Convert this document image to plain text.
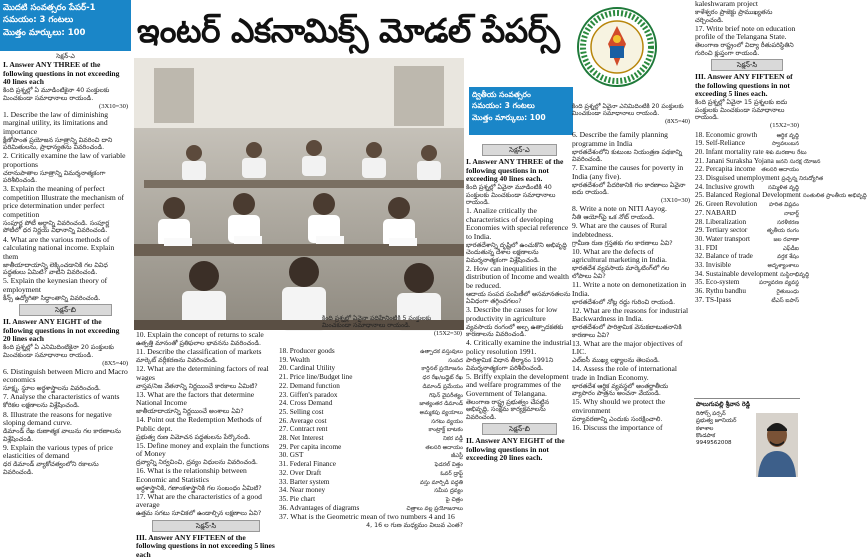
మొదటి సంవత్సరం పేపర్-1
సమయం: 3 గంటలు
మొత్తం మార్కులు: 100
సెక్షన్-ఎ

I. Answer ANY THREE of the following questions in not exceeding 40 lines each

కింది ప్రశ్నల్లో ఏ మూడింటికైనా 40 పంక్తులకు మించకుండా సమాధానాలు రాయండి.

(3X10=30)

1. Describe the law of diminishing marginal utility, its limitations and importance

క్షీణోపాంత ప్రయోజన సూత్రాన్ని వివరించి దాని పరిమితులను, ప్రాధాన్యతను వివరించండి.

2. Critically examine the law of variable proportions

చరానుపాతాల సూత్రాన్ని విమర్శనాత్మకంగా పరిశీలించండి.

3. Explain the meaning of perfect competition Illustrate the mechanism of price determination under perfect competition

సంపూర్ణ పోటీ అర్థాన్ని వివరించండి. సంపూర్ణ పోటీలో ధర నిర్ణయ విధానాన్ని వివరించండి.

4. What are the various methods of calculating national income. Explain them

జాతీయాదాయాన్ని లెక్కించడానికి గల వివిధ పద్ధతులు ఏమిటి? వాటిని వివరించండి.

5. Explain the keynesian theory of employment

కీన్స్ ఉద్యోగితా సిద్ధాంతాన్ని వివరించండి.

సెక్షన్-బి

II. Answer ANY EIGHT of the following questions in not exceeding 20 lines each

కింది ప్రశ్నల్లో ఏ ఎనిమిదింటికైనా 20 పంక్తులకు మించకుండా సమాధానాలు రాయండి.

(8X5=40)

6. Distinguish between Micro and Macro economics

సూక్ష్మ, స్థూల అర్థశాస్త్రాలను వివరించండి.

7. Analyse the characteristics of wants

కోరికల లక్షణాలను విశ్లేషించండి.

8. Illustrate the reasons for negative sloping demand curve.

డిమాండ్ రేఖ రుణాత్మక వాలును గల కారణాలను విశ్లేషించండి.

9. Explain the various types of price elasticities of demand

ధర డిమాండ్ వ్యాకోచత్వంలోని రకాలను వివరించండి.

ఇంటర్ ఎకనామిక్స్ మోడల్ పేపర్స్

10. Explain the concept of returns to scale

ఉత్పత్తి మానంతో ప్రతిఫలాల భావనను వివరించండి.

11. Describe the classification of markets

మార్కెట్ వర్గీకరణను వివరించండి.

12. What are the determining factors of real wages

వాస్తవ/నిజ వేతనాన్ని నిర్ణయించే కారకాలు ఏమిటి?

13. What are the factors that determine National Income

జాతీయాదాయాన్ని నిర్ణయించే అంశాలు ఏవి?

14. Point out the Redemption Methods of Public dept.

ప్రభుత్వ రుణ విమోచన పద్ధతులను పేర్కొనండి.

15. Define money and explain the functions of Money

ద్రవ్యాన్ని నిర్వచించి, ద్రవ్యం విధులను వివరించండి.

16. What is the relationship between Economic and Statistics

అర్థశాస్త్రానికి, గణాంకశాస్త్రానికి గల సంబంధం ఏమిటి?

17. What are the characteristics of a good average

ఉత్తమ సగటు సూచికలో ఉండాల్సిన లక్షణాలు ఏవి?

సెక్షన్-సి

III. Answer ANY FIFTEEN of the following questions in not exceeding 5 lines each

కింది ప్రశ్నల్లో ఏవైనా పదిహేనింటికి 5 పంక్తులకు మించకుండా సమాధానాలు రాయండి.

(15X2=30)

18. Producer goods	ఉత్పాదక వస్తువులు
19. Wealth	సంపద
20. Cardinal Utility	కార్డినల్ ప్రయోజనం
21. Price line/Budget line	ధర రేఖ/బడ్జెట్ రేఖ
22. Demand function	డిమాండ్ ప్రమేయం
23. Giffen's paradox	గిఫెన్ వైపరీత్యం
24. Cross Demand	జాత్యంతర డిమాండ్
25. Selling cost	అమ్మకపు వ్యయాలు
26. Average cost	సగటు వ్యయం
27. Contract rent	కాంట్రాక్ట్ బాటకం
28. Net Interest	నికర వడ్డీ
29. Per capita income	తలసరి ఆదాయం
30. GST	జీఎస్టీ
31. Federal Finance	ఫెడరల్ విత్తం
32. Over Draft	ఓవర్ డ్రాఫ్ట్
33. Barter system	వస్తు మార్పిడి పద్ధతి
34. Near money	సమీప ద్రవ్యం
35. Pie chart	పై చిత్రం
36. Advantages of diagrams	చిత్రాలు వల్ల ప్రయోజనాలు

37. What is the Geometric mean of two numbers 4 and 16

4, 16 ల గుణ మధ్యమం విలువ ఎంత?

ద్వితీయ సంవత్సరం
సమయం: 3 గంటలు
మొత్తం మార్కులు: 100
సెక్షన్-ఎ

I. Answer ANY THREE of the following questions in not exceeding 40 lines each.

కింది ప్రశ్నల్లో ఏవైనా మూడింటికి 40 పంక్తులకు మించకుండా సమాధానాలు రాయండి.

1. Analize critically the characteristics of developing Economies with special reference to India.

భారతదేశాన్ని దృష్టిలో ఉంచుకొని అభివృద్ధి చెందుతున్న దేశాల లక్షణాలను విమర్శనాత్మకంగా విశ్లేషించండి.

2. How can inequalities in the distribution of Income and wealth be reduced.

ఆదాయ సంపద పంపిణీలో అసమానతలను ఏవిధంగా తగ్గించగలం?

3. Describe the causes for low productivity in agriculture

వ్యవసాయ రంగంలో అల్ప ఉత్పాదకతకు కారణాలను వివరించండి.

4. Critically examine the industrial policy resolution 1991.

పారిశ్రామిక విధాన తీర్మానం 1991ని విమర్శనాత్మకంగా పరిశీలించండి.

5. Briffy explain the development and welfare programmes of the Government of Telangana.

తెలంగాణ రాష్ట్ర ప్రభుత్వం చేపట్టిన అభివృద్ధి, సంక్షేమ కార్యక్రమాలను వివరించండి.

సెక్షన్-బి

II. Answer ANY EIGHT of the following questions in not exceeding 20 lines each.

కింది ప్రశ్నల్లో ఏవైనా ఎనిమిదింటికి 20 పంక్తులకు మించకుండా సమాధానాలు రాయండి.

(8X5=40)

6. Describe the family planning programme in India

భారతదేశంలోని కుటుంబ నియంత్రణ పథకాన్ని వివరించండి.

7. Examine the causes for poverty in India (any five).

భారతదేశంలో పేదరికానికి గల కారణాలు ఏవైనా ఐదు రాయండి.

(3X10=30)

8. Write a note on NITI Aayog.

నీతి ఆయోగ్‌పై ఒక నోట్ రాయండి.

9. What are the causes of Rural indebtedness.

గ్రామీణ రుణ గ్రస్తతకు గల కారణాలు ఏవి?

10. What are the defects of agricultural marketing in India.

భారతదేశ వ్యవసాయ మార్కెటింగ్‌లో గల లోపాలు ఏవి?

11. Write a note on demonetization in India.

భారతదేశంలో నోట్ల రద్దు గురించి రాయండి.

12. What are the reasons for industrial Backwardness in India.

భారతదేశంలో పారిశ్రామిక వెనుకబాటుతనానికి కారణాలు ఏవి?

13. What are the major objectives of LIC.

ఎల్ఐసీ ముఖ్య లక్ష్యాలను తెలపండి.

14. Assess the role of international trade in Indian Economy.

భారతదేశ ఆర్థిక వ్యవస్థలో అంతర్జాతీయ వ్యాపారం పాత్రను అంచనా వేయండి.

15. Why should we protect the environment

పర్యావరణాన్ని ఎందుకు సంరక్షించాలి.

16. Discuss the importance of

kaleshwaram project

కాళేశ్వరం ప్రాజెక్టు ప్రాముఖ్యతను చర్చించండి.

17. Write brief note on education profile of the Telangana State.

తెలంగాణ రాష్ట్రంలో విద్యా రీతుపరిస్థితిని గురించి క్లుప్తంగా రాయండి.

సెక్షన్-సి

III. Answer ANY FIFTEEN of the following questions in not exceeding 5 lines each.

కింది ప్రశ్నల్లో ఏవైనా 15 ప్రశ్నలకు ఐదు పంక్తులకు మించకుండా సమాధానాలు రాయండి.

(15X2=30)

18. Economic growth	ఆర్థిక వృద్ధి
19. Self-Reliance	స్వావలంబన
20. Infant mortality rate శిశు మరణాల రేటు
21. Janani Suraksha Yojana జనని సురక్ష యోజన
22. Percapita income	తలసరి ఆదాయం
23. Disguised unemployment ప్రచ్ఛన్న నిరుద్యోగిత
24. Inclusive growth	సమ్మిళిత వృద్ధి
25. Balanced Regional Development సంతులిత ప్రాంతీయ అభివృద్ధి
26. Green Revolution	హరిత విప్లవం
27. NABARD	నాబార్డ్
28. Liberalization	సరళీకరణ
29. Tertiary sector	తృతీయ రంగం
30. Water transport	జల రవాణా
31. FDI	ఎఫ్‌డీఐ
32. Balance of trade	వర్తక శేషం
33. Invisible	అదృశ్యాంశాలు
34. Sustainable development సుస్థిరాభివృద్ధి
35. Eco-system	పర్యావరణ వ్యవస్థ
36. Rythu bandhu	రైతుబంధు
37. TS-Ipass	టీఎస్ ఐపాస్
పొలుగుపల్లి శ్రీవాస రెడ్డి
రిసోర్స్ పర్సన్
ప్రభుత్వ జూనియర్ కళాశాల
కొండపాక
9949562008
